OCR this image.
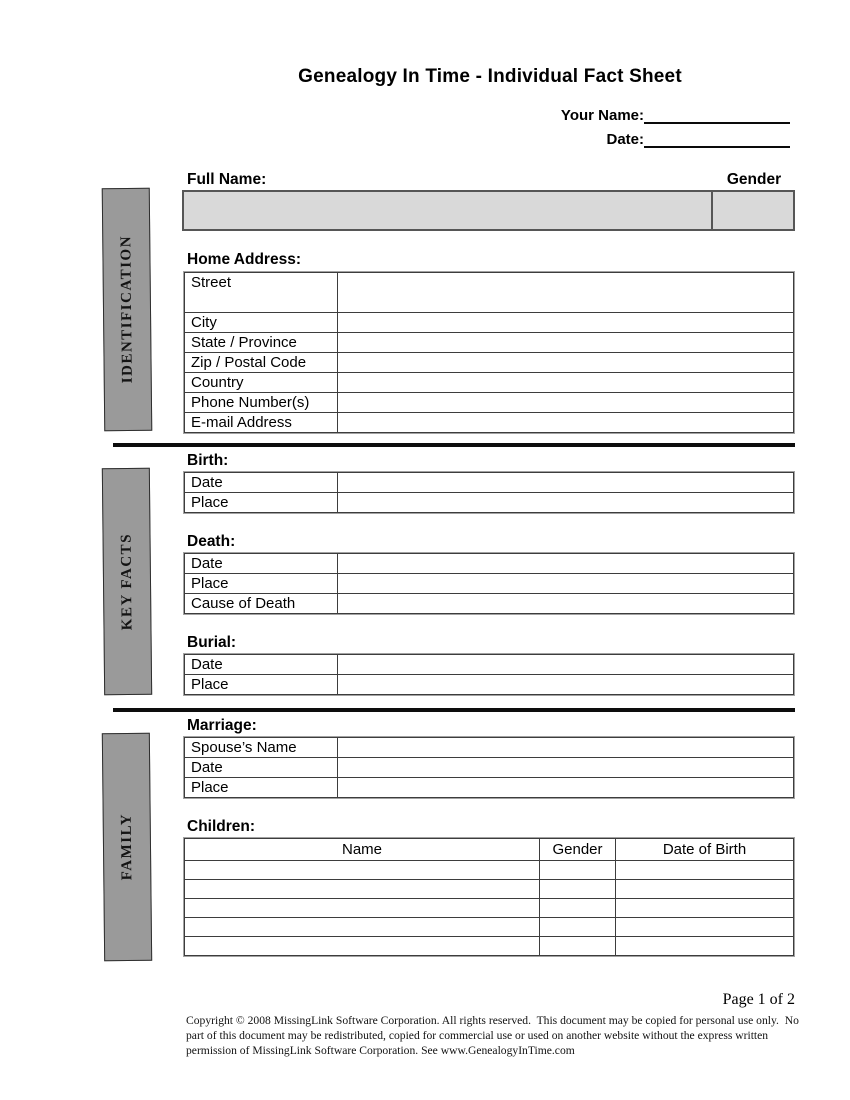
Genealogy In Time - Individual Fact Sheet
Your Name:
Date:
IDENTIFICATION
KEY FACTS
FAMILY
Full Name:	Gender
Home Address:
Street	
City	
State / Province	
Zip / Postal Code	
Country	
Phone Number(s)	
E-mail Address	
Birth:
Date	
Place	
Death:
Date	
Place	
Cause of Death	
Burial:
Date	
Place	
Marriage:
Spouse’s Name	
Date	
Place	
Children:
Name	Gender	Date of Birth

Page 1 of 2
Copyright © 2008 MissingLink Software Corporation. All rights reserved.  This document may be copied for personal use only.  No
part of this document may be redistributed, copied for commercial use or used on another website without the express written
permission of MissingLink Software Corporation. See www.GenealogyInTime.com
